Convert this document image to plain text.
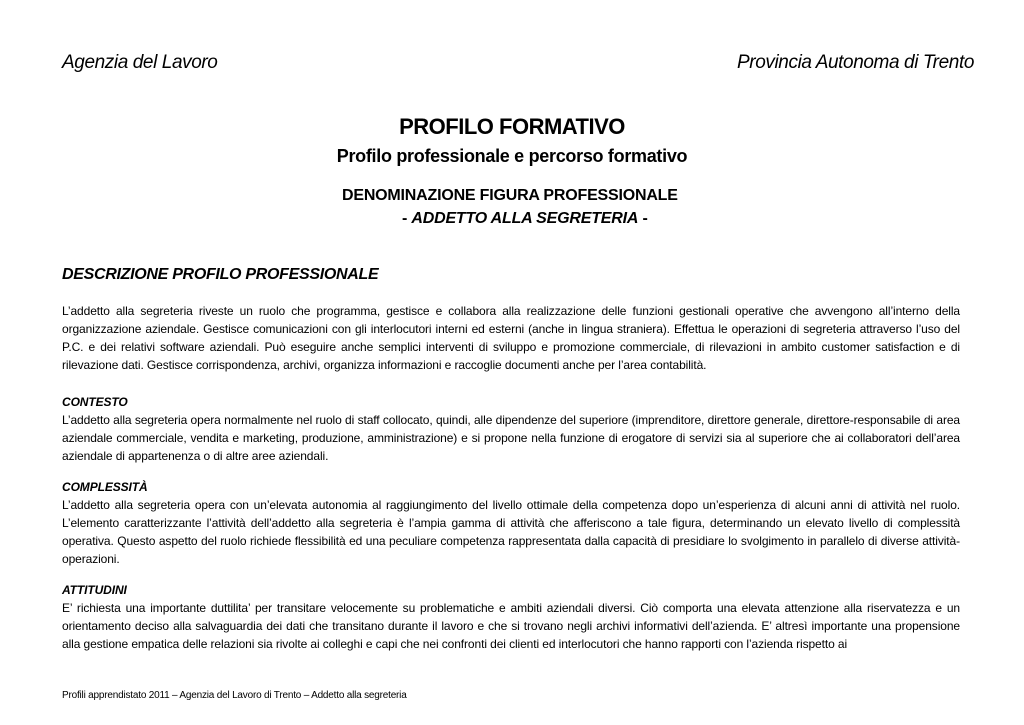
Agenzia del Lavoro	Provincia Autonoma di Trento
PROFILO FORMATIVO
Profilo professionale e percorso formativo
DENOMINAZIONE FIGURA PROFESSIONALE
- ADDETTO ALLA SEGRETERIA -
DESCRIZIONE PROFILO PROFESSIONALE
L’addetto alla segreteria riveste un ruolo che programma, gestisce e collabora alla realizzazione delle funzioni gestionali operative che avvengono all’interno della organizzazione aziendale. Gestisce comunicazioni con gli interlocutori interni ed esterni (anche in lingua straniera). Effettua le operazioni di segreteria attraverso l’uso del P.C. e dei relativi software aziendali. Può eseguire anche semplici interventi di sviluppo e promozione commerciale, di rilevazioni in ambito customer satisfaction e di rilevazione dati. Gestisce corrispondenza, archivi, organizza informazioni e raccoglie documenti anche per l’area contabilità.
CONTESTO
L’addetto alla segreteria opera normalmente nel ruolo di staff collocato, quindi, alle dipendenze del superiore (imprenditore, direttore generale, direttore-responsabile di area aziendale commerciale, vendita e marketing, produzione, amministrazione) e si propone nella funzione di erogatore di servizi sia al superiore che ai collaboratori dell’area aziendale di appartenenza o di altre aree aziendali.
COMPLESSITÀ
L’addetto alla segreteria opera con un’elevata autonomia al raggiungimento del livello ottimale della competenza dopo un’esperienza di alcuni anni di attività nel ruolo. L’elemento caratterizzante l’attività dell’addetto alla segreteria è l’ampia gamma di attività che afferiscono a tale figura, determinando un elevato livello di complessità operativa. Questo aspetto del ruolo richiede flessibilità ed una peculiare competenza rappresentata dalla capacità di presidiare lo svolgimento in parallelo di diverse attività-operazioni.
ATTITUDINI
E’ richiesta una importante duttilita’ per transitare velocemente su problematiche e ambiti aziendali diversi. Ciò comporta una elevata attenzione alla riservatezza e un orientamento deciso alla salvaguardia dei dati che transitano durante il lavoro e che si trovano negli archivi informativi dell’azienda. E’ altresì importante una propensione alla gestione empatica delle relazioni sia rivolte ai colleghi e capi che nei confronti dei clienti ed interlocutori che hanno rapporti con l’azienda rispetto ai
Profili apprendistato 2011 – Agenzia del Lavoro di Trento – Addetto alla segreteria
